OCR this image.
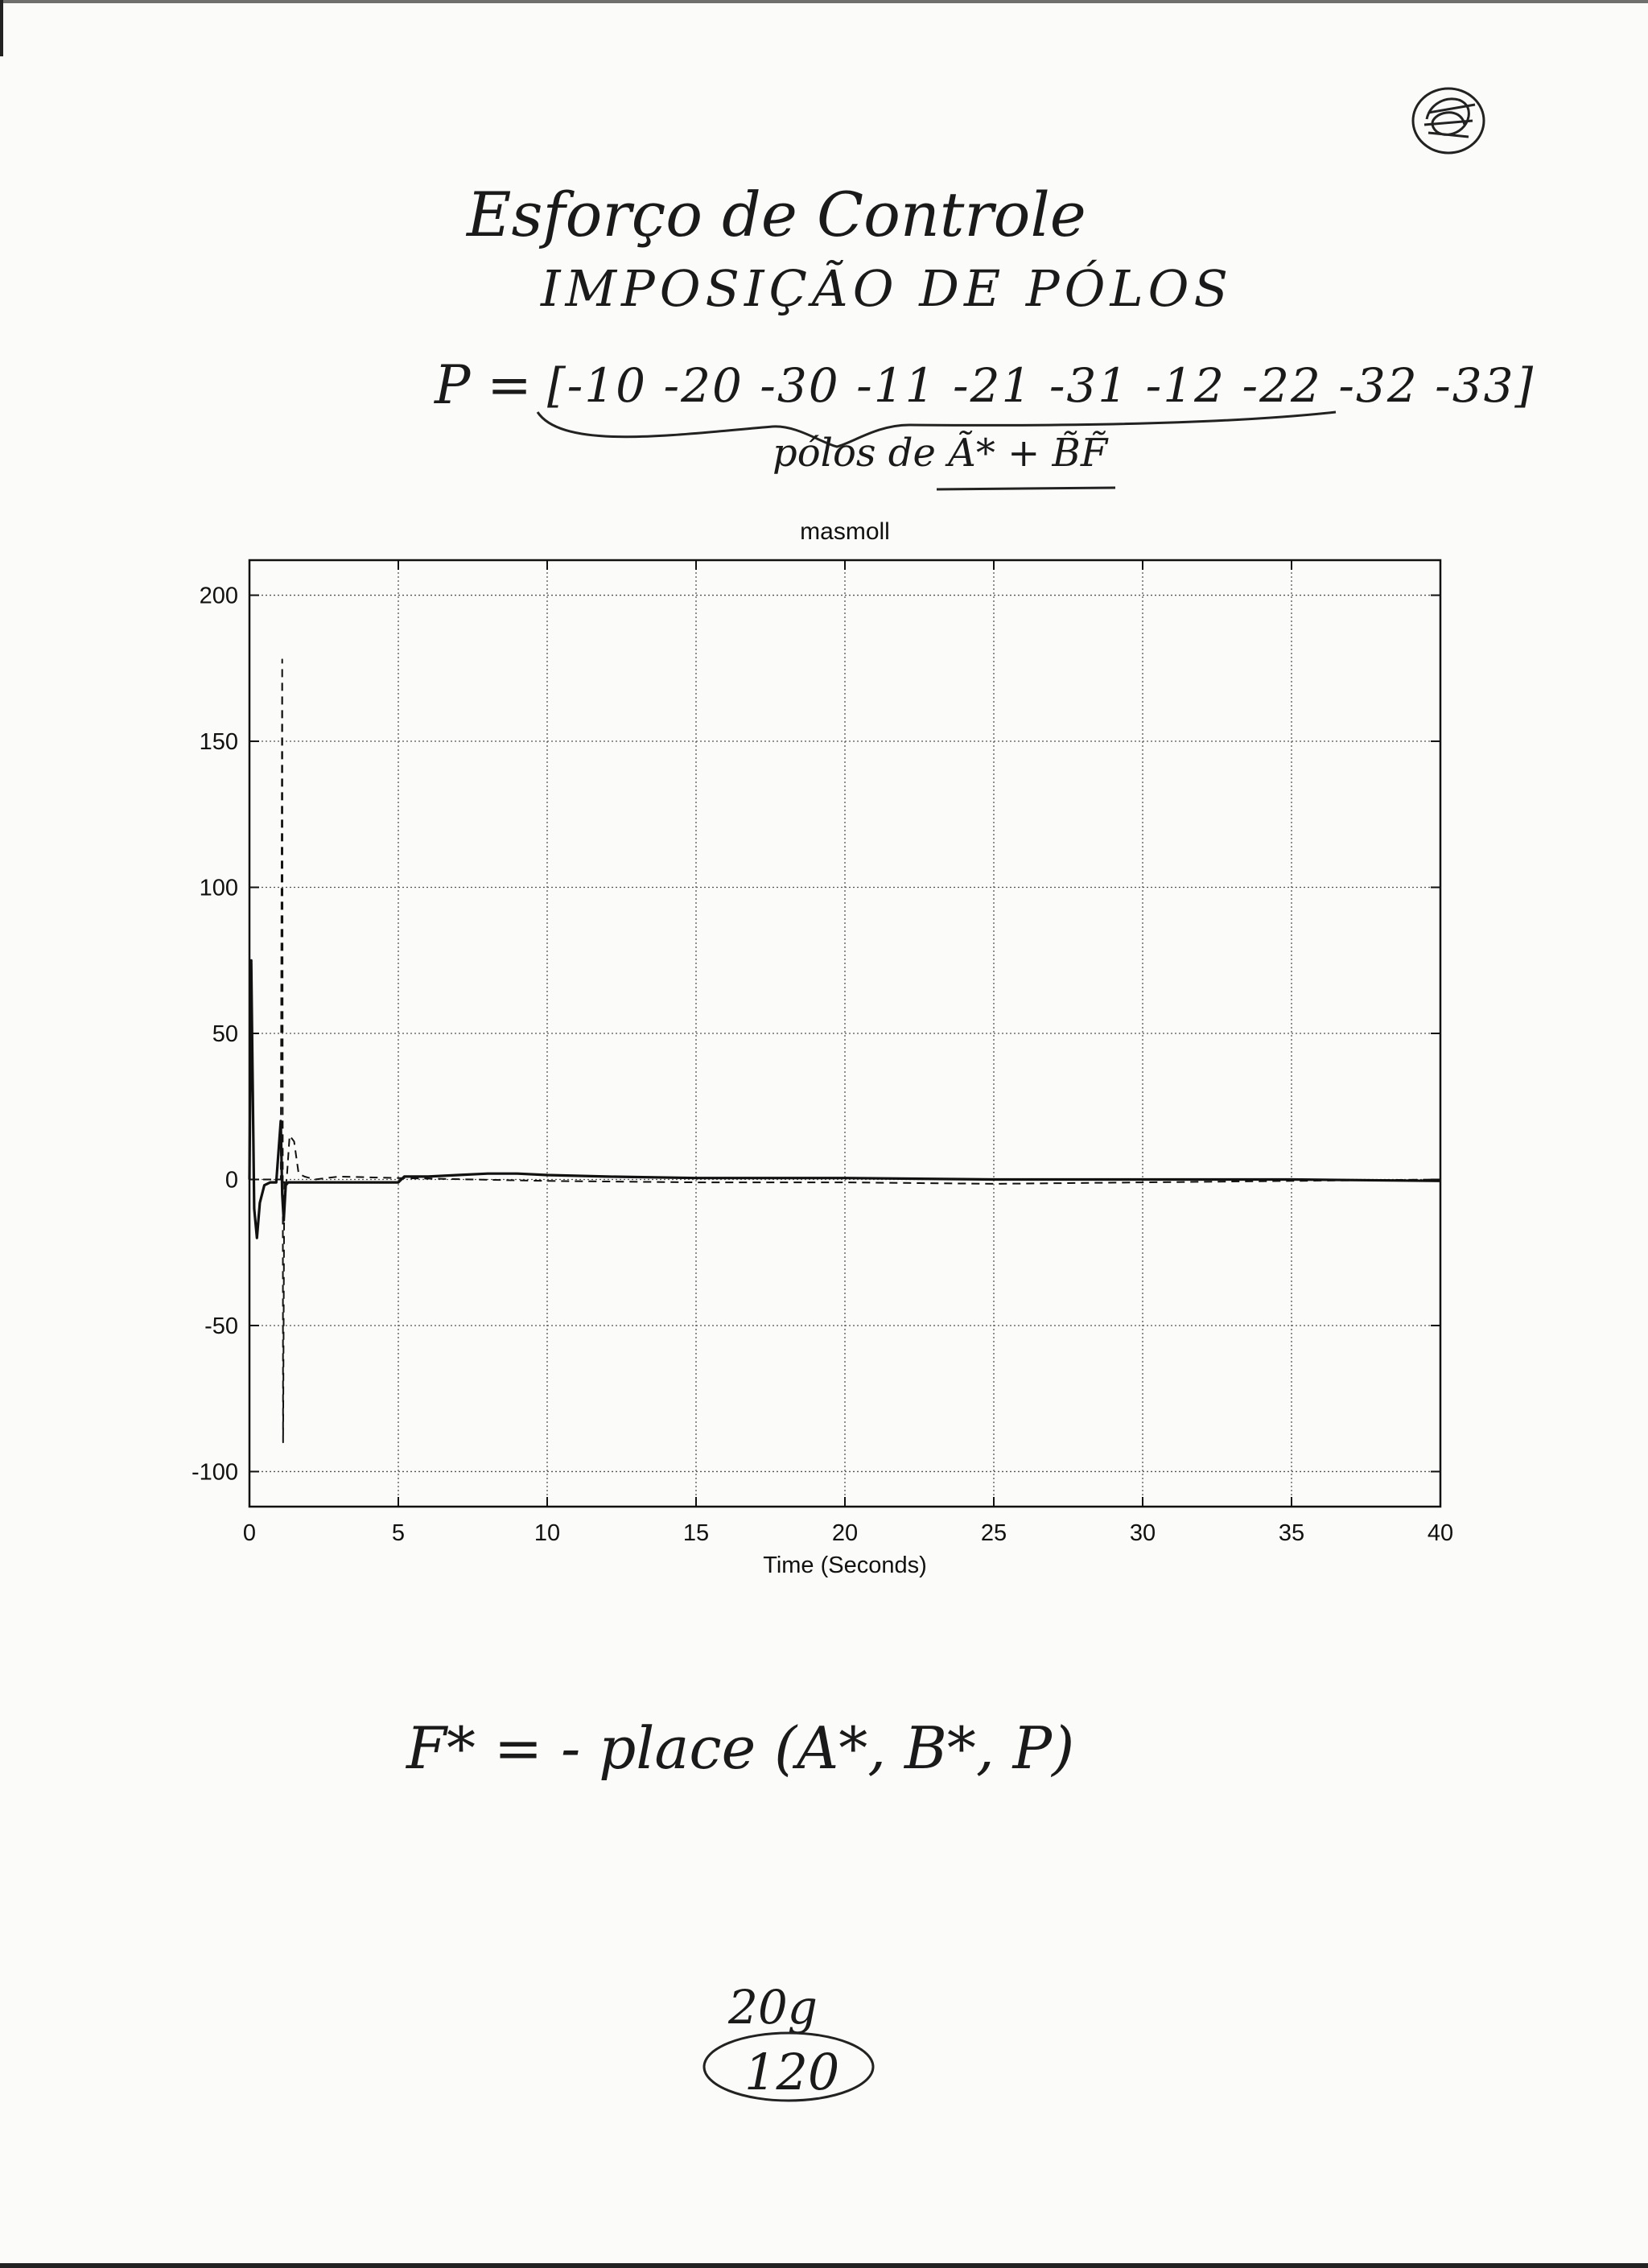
Esforço de Controle
IMPOSIÇÃO DE PÓLOS
P = [-10 -20 -30 -11 -21 -31 -12 -22 -32 -33]
pólos de Ã* + B̃F̃
masmoll
0	5	10	15	20	25	30	35	40
200
150
100
50
0
-50
-100
Time (Seconds)
F* = - place (A*, B*, P)
20g
120
